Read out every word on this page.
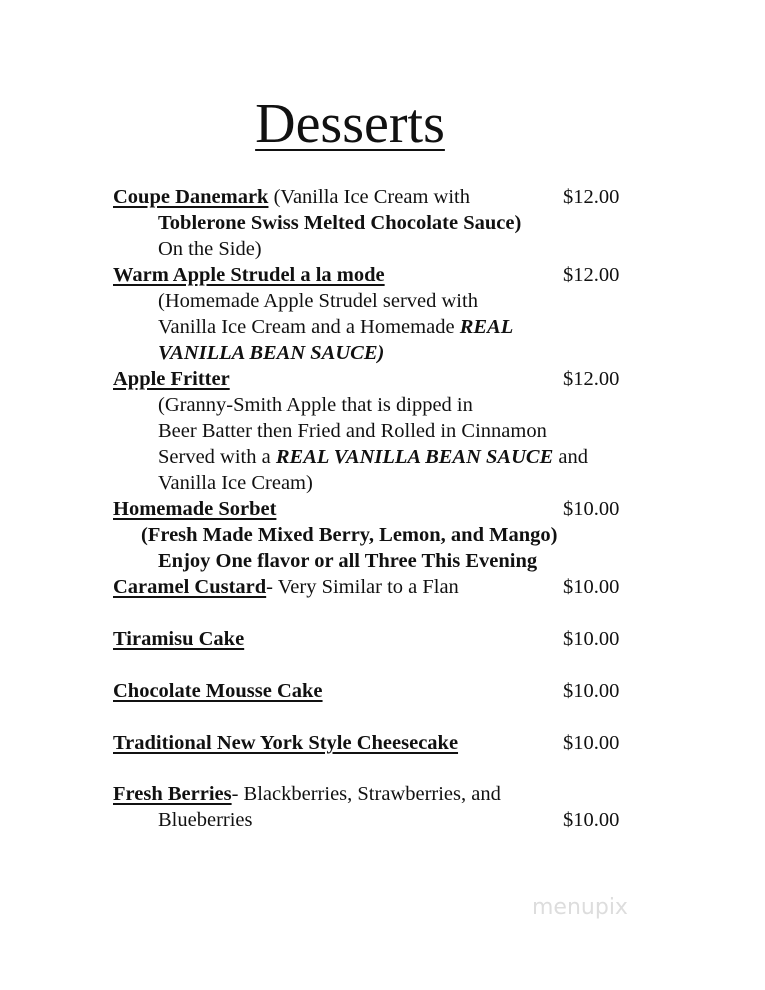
Desserts
Coupe Danemark (Vanilla Ice Cream with	$12.00
Toblerone Swiss Melted Chocolate Sauce)
On the Side)
Warm Apple Strudel a la mode	$12.00
(Homemade Apple Strudel served with
Vanilla Ice Cream and a Homemade REAL
VANILLA BEAN SAUCE)
Apple Fritter	$12.00
(Granny-Smith Apple that is dipped in
Beer Batter then Fried and Rolled in Cinnamon
Served with a REAL VANILLA BEAN SAUCE and
Vanilla Ice Cream)
Homemade Sorbet	$10.00
(Fresh Made Mixed Berry, Lemon, and Mango)
Enjoy One flavor or all Three This Evening
Caramel Custard- Very Similar to a Flan	$10.00
Tiramisu Cake	$10.00
Chocolate Mousse Cake	$10.00
Traditional New York Style Cheesecake	$10.00
Fresh Berries- Blackberries, Strawberries, and
Blueberries	$10.00
menupix
